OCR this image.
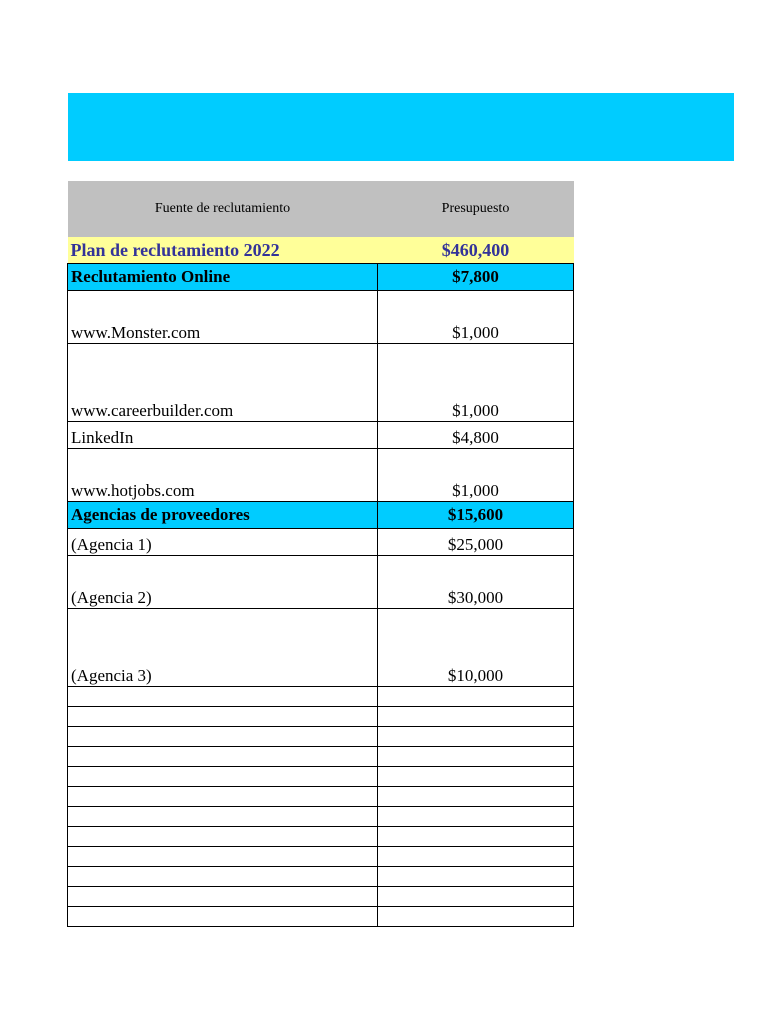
Fuente de reclutamiento	Presupuesto
Plan de reclutamiento 2022	$460,400
Reclutamiento Online	$7,800
www.Monster.com	$1,000
www.careerbuilder.com	$1,000
LinkedIn	$4,800
www.hotjobs.com	$1,000
Agencias de proveedores	$15,600
(Agencia 1)	$25,000
(Agencia 2)	$30,000
(Agencia 3)	$10,000
